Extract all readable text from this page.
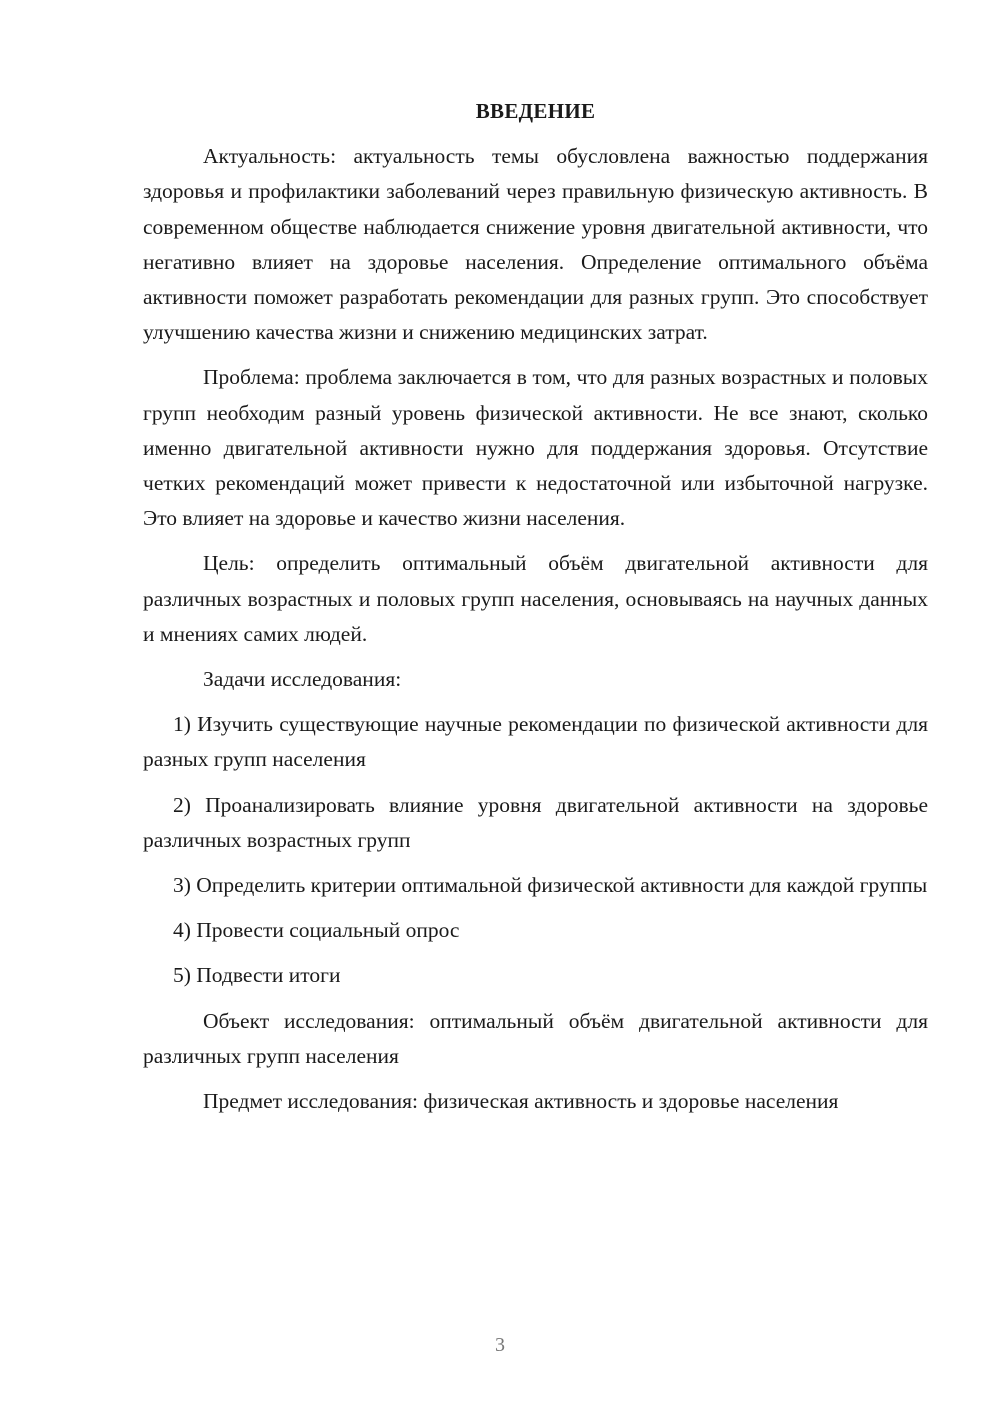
ВВЕДЕНИЕ

Актуальность: актуальность темы обусловлена важностью поддержания здоровья и профилактики заболеваний через правильную физическую активность. В современном обществе наблюдается снижение уровня двигательной активности, что негативно влияет на здоровье населения. Определение оптимального объёма активности поможет разработать рекомендации для разных групп. Это способствует улучшению качества жизни и снижению медицинских затрат.

Проблема: проблема заключается в том, что для разных возрастных и половых групп необходим разный уровень физической активности. Не все знают, сколько именно двигательной активности нужно для поддержания здоровья. Отсутствие четких рекомендаций может привести к недостаточной или избыточной нагрузке. Это влияет на здоровье и качество жизни населения.

Цель: определить оптимальный объём двигательной активности для различных возрастных и половых групп населения, основываясь на научных данных и мнениях самих людей.

Задачи исследования:

1) Изучить существующие научные рекомендации по физической активности для разных групп населения

2) Проанализировать влияние уровня двигательной активности на здоровье различных возрастных групп

3) Определить критерии оптимальной физической активности для каждой группы

4) Провести социальный опрос

5) Подвести итоги

Объект исследования: оптимальный объём двигательной активности для различных групп населения

Предмет исследования: физическая активность и здоровье населения

3
